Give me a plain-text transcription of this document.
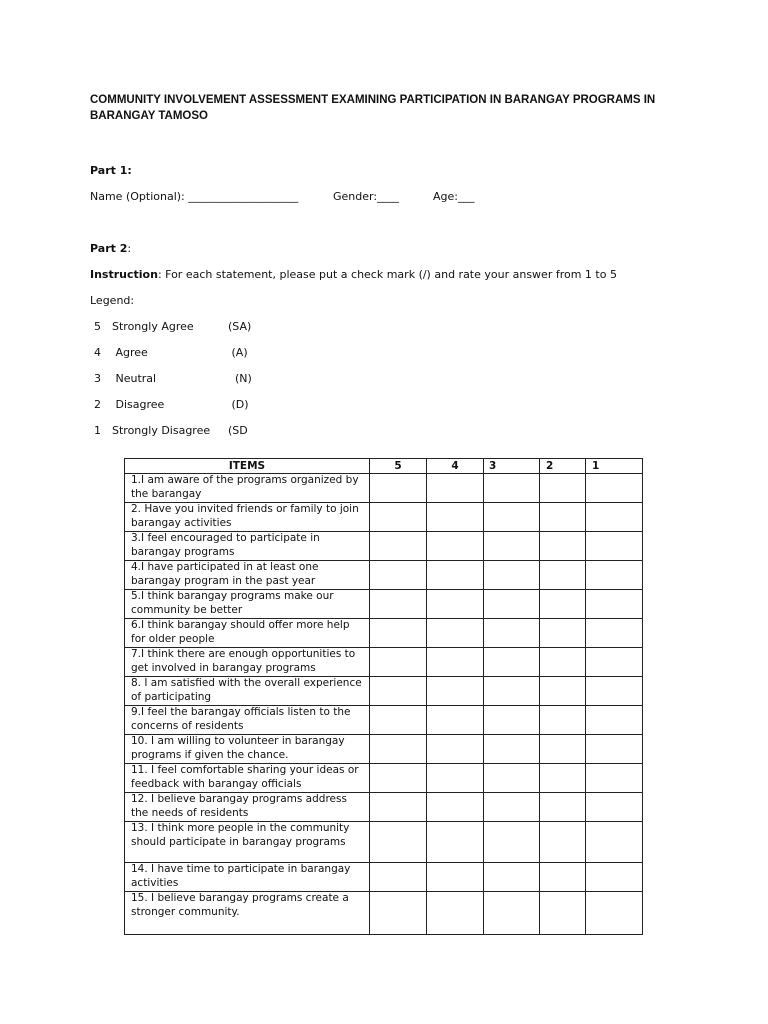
COMMUNITY INVOLVEMENT ASSESSMENT EXAMINING PARTICIPATION IN BARANGAY PROGRAMS IN BARANGAY TAMOSO
Part 1:
Name (Optional): ____________________	Gender:____	Age:___
Part 2:
Instruction: For each statement, please put a check mark (/) and rate your answer from 1 to 5
Legend:
5 Strongly Agree	(SA)
4 Agree	(A)
3 Neutral	(N)
2 Disagree	(D)
1 Strongly Disagree (SD
ITEMS	5	4	3	2	1

1.I am aware of the programs organized by the barangay					

2. Have you invited friends or family to join barangay activities					

3.I feel encouraged to participate in barangay programs					

4.I have participated in at least one barangay program in the past year					

5.I think barangay programs make our community be better					

6.I think barangay should offer more help for older people					

7.I think there are enough opportunities to get involved in barangay programs					

8. I am satisfied with the overall experience of participating					

9.I feel the barangay officials listen to the concerns of residents					

10. I am willing to volunteer in barangay programs if given the chance.					

11. I feel comfortable sharing your ideas or feedback with barangay officials					

12. I believe barangay programs address the needs of residents					

13. I think more people in the community should participate in barangay programs					

14. I have time to participate in barangay activities					

15. I believe barangay programs create a stronger community.					
